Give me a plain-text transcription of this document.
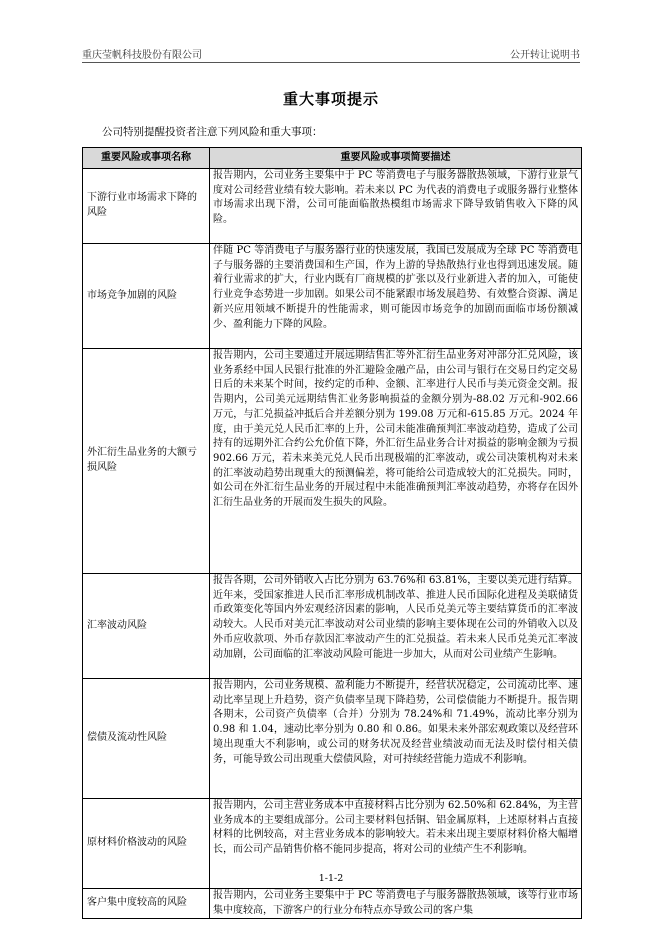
重庆莹帆科技股份有限公司	公开转让说明书
重大事项提示
公司特别提醒投资者注意下列风险和重大事项：
重要风险或事项名称	重要风险或事项简要描述
下游行业市场需求下降的风险	报告期内，公司业务主要集中于 PC 等消费电子与服务器散热领域，下游行业景气度对公司经营业绩有较大影响。若未来以 PC 为代表的消费电子或服务器行业整体市场需求出现下滑，公司可能面临散热模组市场需求下降导致销售收入下降的风险。
市场竞争加剧的风险	伴随 PC 等消费电子与服务器行业的快速发展，我国已发展成为全球 PC 等消费电子与服务器的主要消费国和生产国，作为上游的导热散热行业也得到迅速发展。随着行业需求的扩大，行业内既有厂商规模的扩张以及行业新进入者的加入，可能使行业竞争态势进一步加剧。如果公司不能紧跟市场发展趋势、有效整合资源、满足新兴应用领域不断提升的性能需求，则可能因市场竞争的加剧而面临市场份额减少、盈利能力下降的风险。
外汇衍生品业务的大额亏损风险	报告期内，公司主要通过开展远期结售汇等外汇衍生品业务对冲部分汇兑风险，该业务系经中国人民银行批准的外汇避险金融产品，由公司与银行在交易日约定交易日后的未来某个时间，按约定的币种、金额、汇率进行人民币与美元资金交割。报告期内，公司美元远期结售汇业务影响损益的金额分别为-88.02 万元和-902.66 万元，与汇兑损益冲抵后合并差额分别为 199.08 万元和-615.85 万元。2024 年度，由于美元兑人民币汇率的上升，公司未能准确预判汇率波动趋势，造成了公司持有的远期外汇合约公允价值下降，外汇衍生品业务合计对损益的影响金额为亏损 902.66 万元，若未来美元兑人民币出现极端的汇率波动，或公司决策机构对未来的汇率波动趋势出现重大的预测偏差，将可能给公司造成较大的汇兑损失。同时，如公司在外汇衍生品业务的开展过程中未能准确预判汇率波动趋势，亦将存在因外汇衍生品业务的开展而发生损失的风险。
汇率波动风险	报告各期，公司外销收入占比分别为 63.76%和 63.81%，主要以美元进行结算。近年来，受国家推进人民币汇率形成机制改革、推进人民币国际化进程及美联储货币政策变化等国内外宏观经济因素的影响，人民币兑美元等主要结算货币的汇率波动较大。人民币对美元汇率波动对公司业绩的影响主要体现在公司的外销收入以及外币应收款项、外币存款因汇率波动产生的汇兑损益。若未来人民币兑美元汇率波动加剧，公司面临的汇率波动风险可能进一步加大，从而对公司业绩产生影响。
偿债及流动性风险	报告期内，公司业务规模、盈利能力不断提升，经营状况稳定，公司流动比率、速动比率呈现上升趋势，资产负债率呈现下降趋势，公司偿债能力不断提升。报告期各期末，公司资产负债率（合并）分别为 78.24%和 71.49%，流动比率分别为 0.98 和 1.04，速动比率分别为 0.80 和 0.86。如果未来外部宏观政策以及经营环境出现重大不利影响，或公司的财务状况及经营业绩波动而无法及时偿付相关债务，可能导致公司出现重大偿债风险，对可持续经营能力造成不利影响。
原材料价格波动的风险	报告期内，公司主营业务成本中直接材料占比分别为 62.50%和 62.84%，为主营业务成本的主要组成部分。公司主要材料包括铜、铝金属原料，上述原材料占直接材料的比例较高，对主营业务成本的影响较大。若未来出现主要原材料价格大幅增长，而公司产品销售价格不能同步提高，将对公司的业绩产生不利影响。
客户集中度较高的风险	报告期内，公司业务主要集中于 PC 等消费电子与服务器散热领域，该等行业市场集中度较高，下游客户的行业分布特点亦导致公司的客户集
1-1-2
